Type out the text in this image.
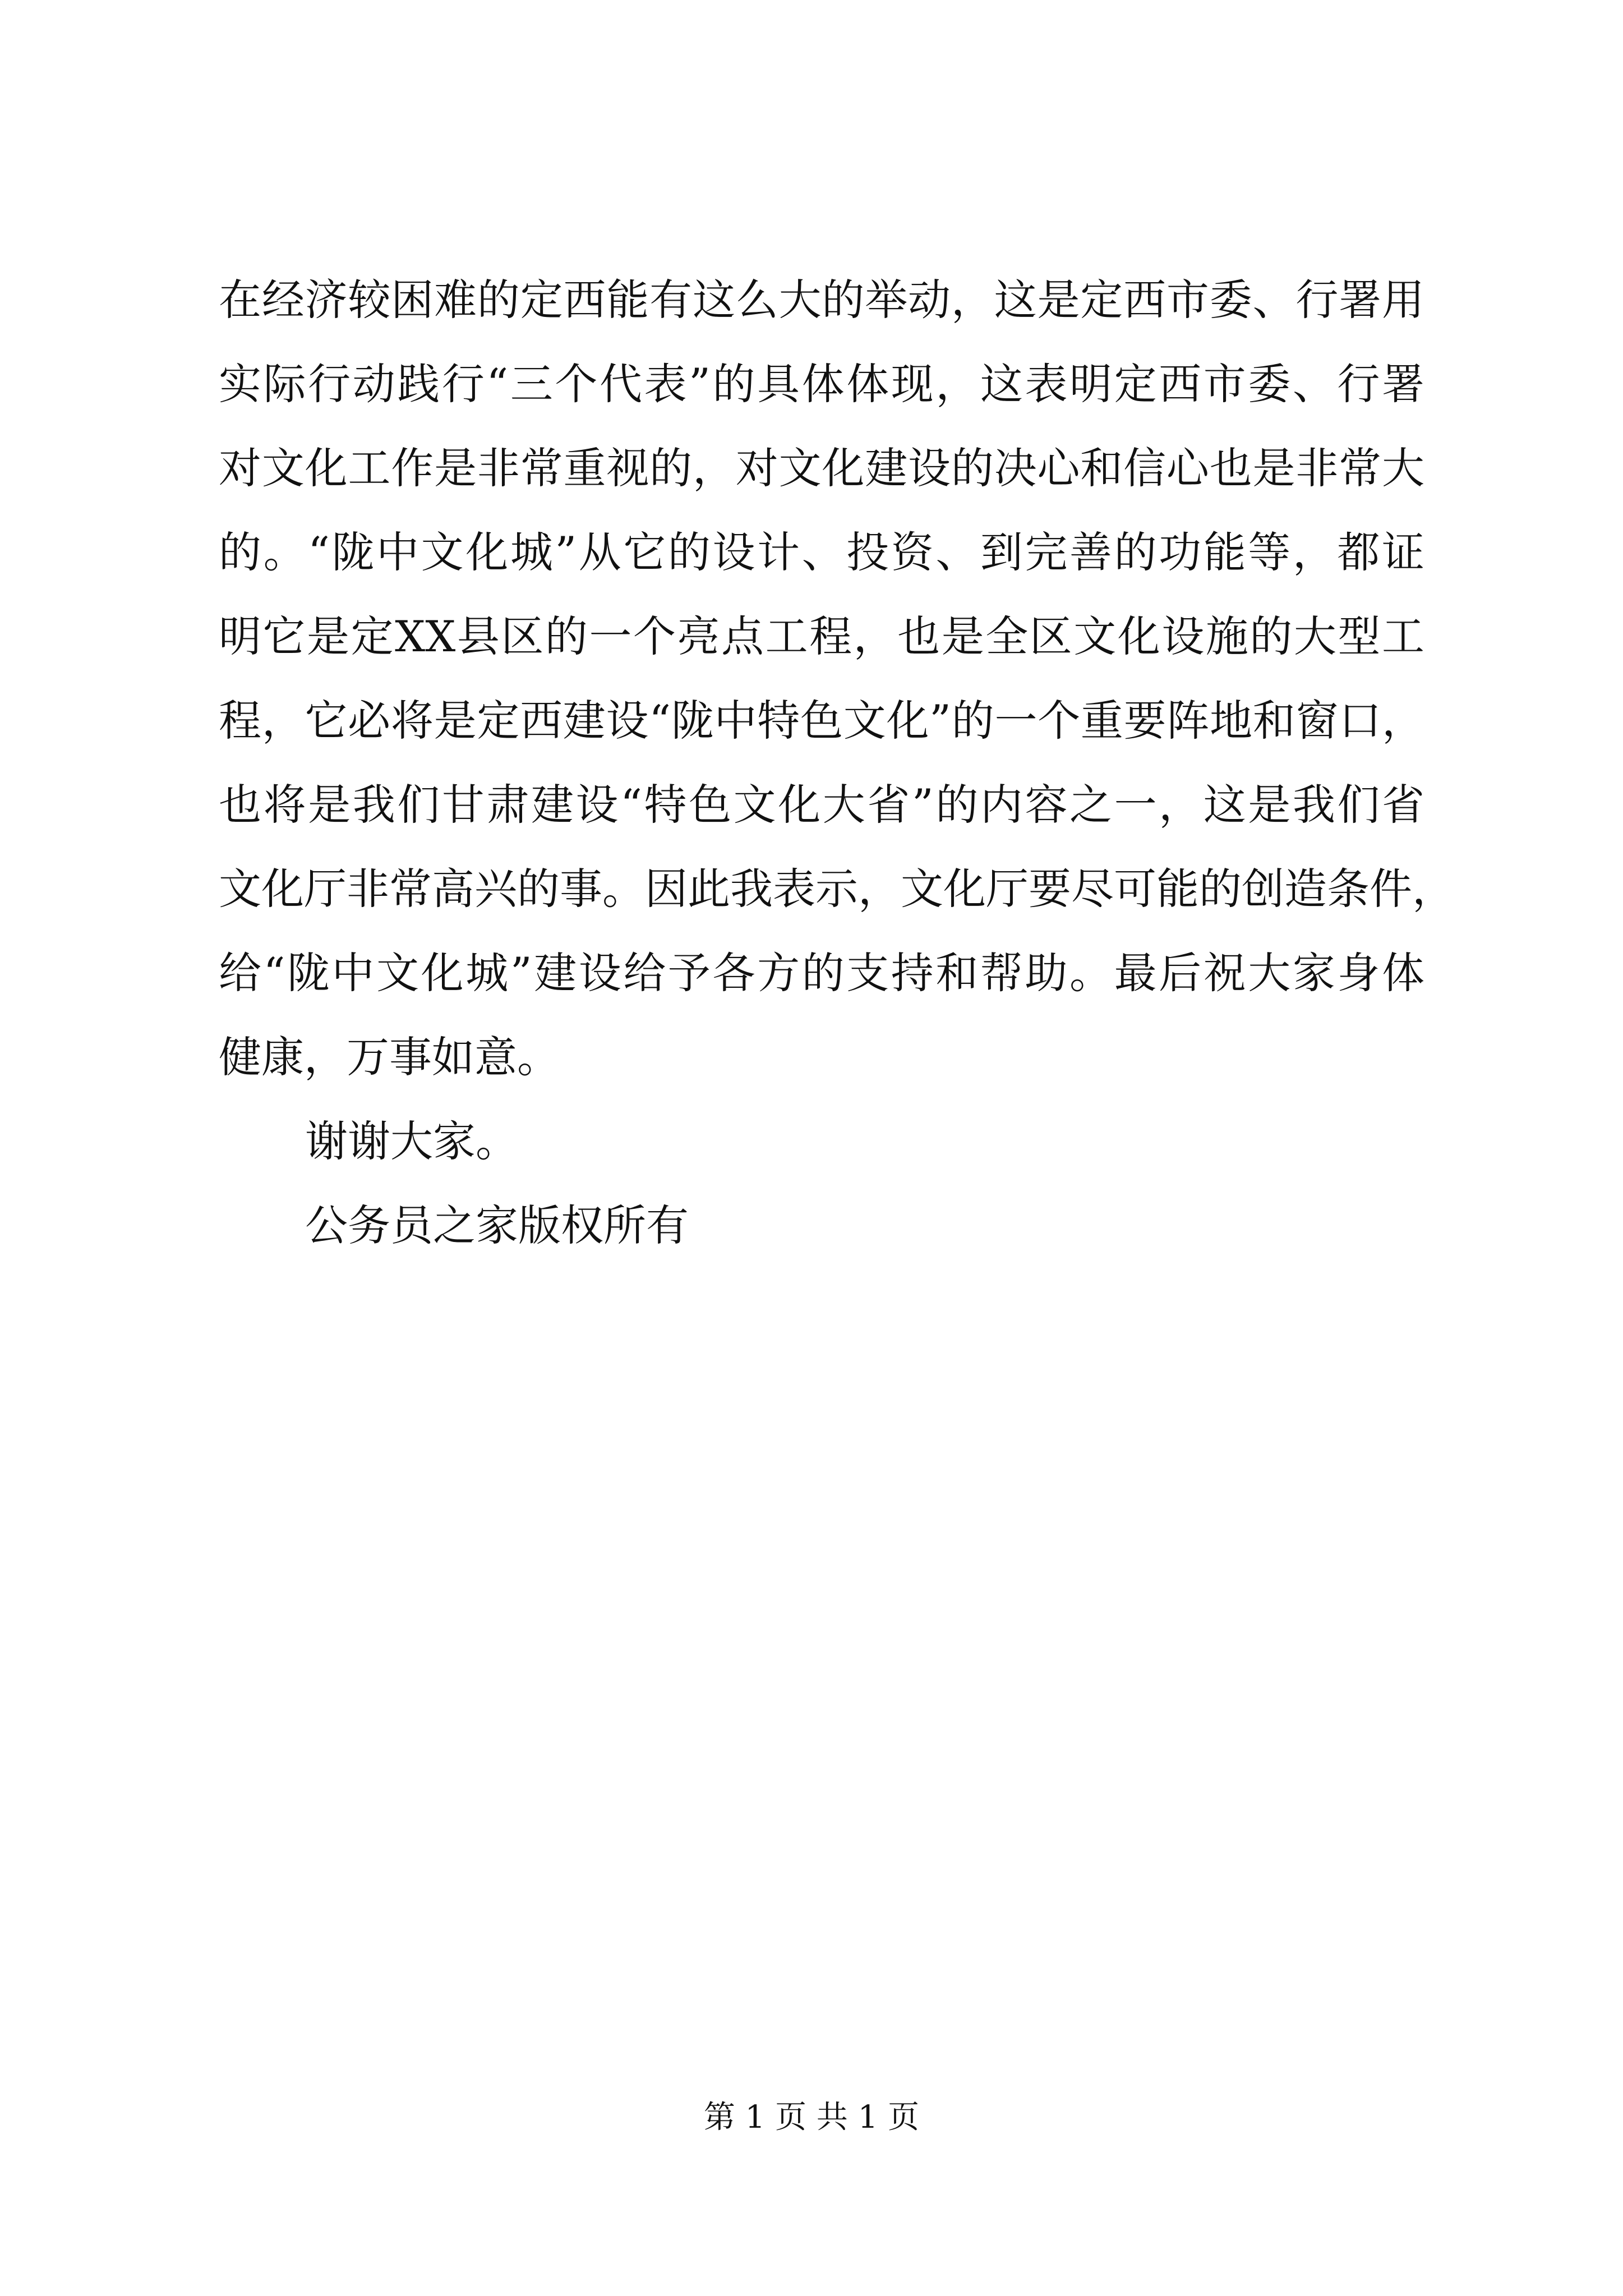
在经济较困难的定西能有这么大的举动，这是定西市委、行署用
实际行动践行“三个代表”的具体体现，这表明定西市委、行署
对文化工作是非常重视的，对文化建设的决心和信心也是非常大
的。“陇中文化城”从它的设计、投资、到完善的功能等，都证
明它是定XX县区的一个亮点工程，也是全区文化设施的大型工
程，它必将是定西建设“陇中特色文化”的一个重要阵地和窗口，
也将是我们甘肃建设“特色文化大省”的内容之一，这是我们省
文化厅非常高兴的事。因此我表示，文化厅要尽可能的创造条件，
给“陇中文化城”建设给予各方的支持和帮助。最后祝大家身体
健康，万事如意。
谢谢大家。
公务员之家版权所有
第 1 页 共 1 页
